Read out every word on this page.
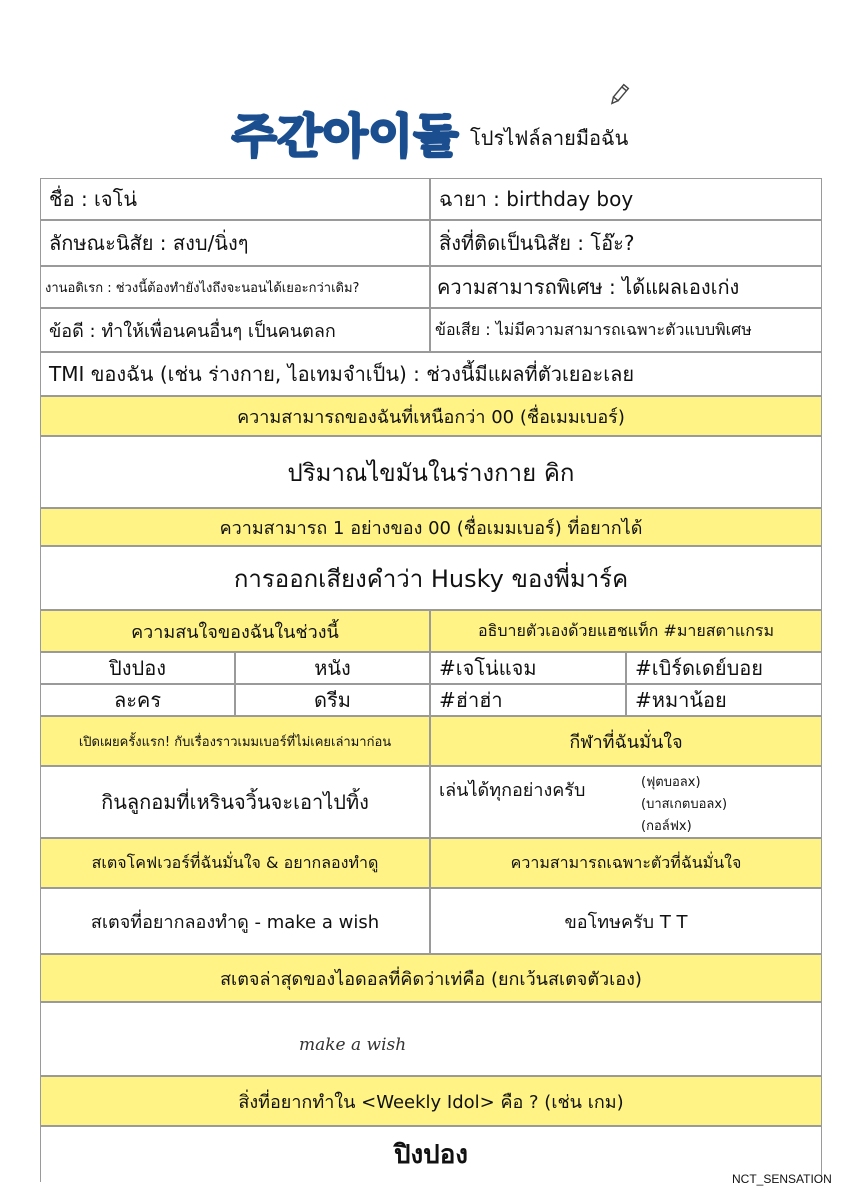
주간아이돌 โปรไฟล์ลายมือฉัน
ชื่อ : เจโน่	ฉายา : birthday boy
ลักษณะนิสัย : สงบ/นิ่งๆ	สิ่งที่ติดเป็นนิสัย : โอ๊ะ?
งานอดิเรก : ช่วงนี้ต้องทำยังไงถึงจะนอนได้เยอะกว่าเดิม?	ความสามารถพิเศษ : ได้แผลเองเก่ง
ข้อดี : ทำให้เพื่อนคนอื่นๆ เป็นคนตลก	ข้อเสีย : ไม่มีความสามารถเฉพาะตัวแบบพิเศษ
TMI ของฉัน (เช่น ร่างกาย, ไอเทมจำเป็น) : ช่วงนี้มีแผลที่ตัวเยอะเลย
ความสามารถของฉันที่เหนือกว่า 00 (ชื่อเมมเบอร์)
ปริมาณไขมันในร่างกาย คิก
ความสามารถ 1 อย่างของ 00 (ชื่อเมมเบอร์) ที่อยากได้
การออกเสียงคำว่า Husky ของพี่มาร์ค
ความสนใจของฉันในช่วงนี้	อธิบายตัวเองด้วยแฮชแท็ก #มายสตาแกรม
ปิงปอง	หนัง	#เจโน่แจม	#เบิร์ดเดย์บอย
ละคร	ดรีม	#ฮ่าฮ่า	#หมาน้อย
เปิดเผยครั้งแรก! กับเรื่องราวเมมเบอร์ที่ไม่เคยเล่ามาก่อน	กีฬาที่ฉันมั่นใจ
กินลูกอมที่เหรินจวิ้นจะเอาไปทิ้ง	เล่นได้ทุกอย่างครับ	(ฟุตบอลx)
(บาสเกตบอลx)
(กอล์ฟx)
สเตจโคฟเวอร์ที่ฉันมั่นใจ & อยากลองทำดู	ความสามารถเฉพาะตัวที่ฉันมั่นใจ
สเตจที่อยากลองทำดู - make a wish	ขอโทษครับ T T
สเตจล่าสุดของไอดอลที่คิดว่าเท่คือ (ยกเว้นสเตจตัวเอง)
make a wish
สิ่งที่อยากทำใน <Weekly Idol> คือ ? (เช่น เกม)
ปิงปอง
NCT_SENSATION
